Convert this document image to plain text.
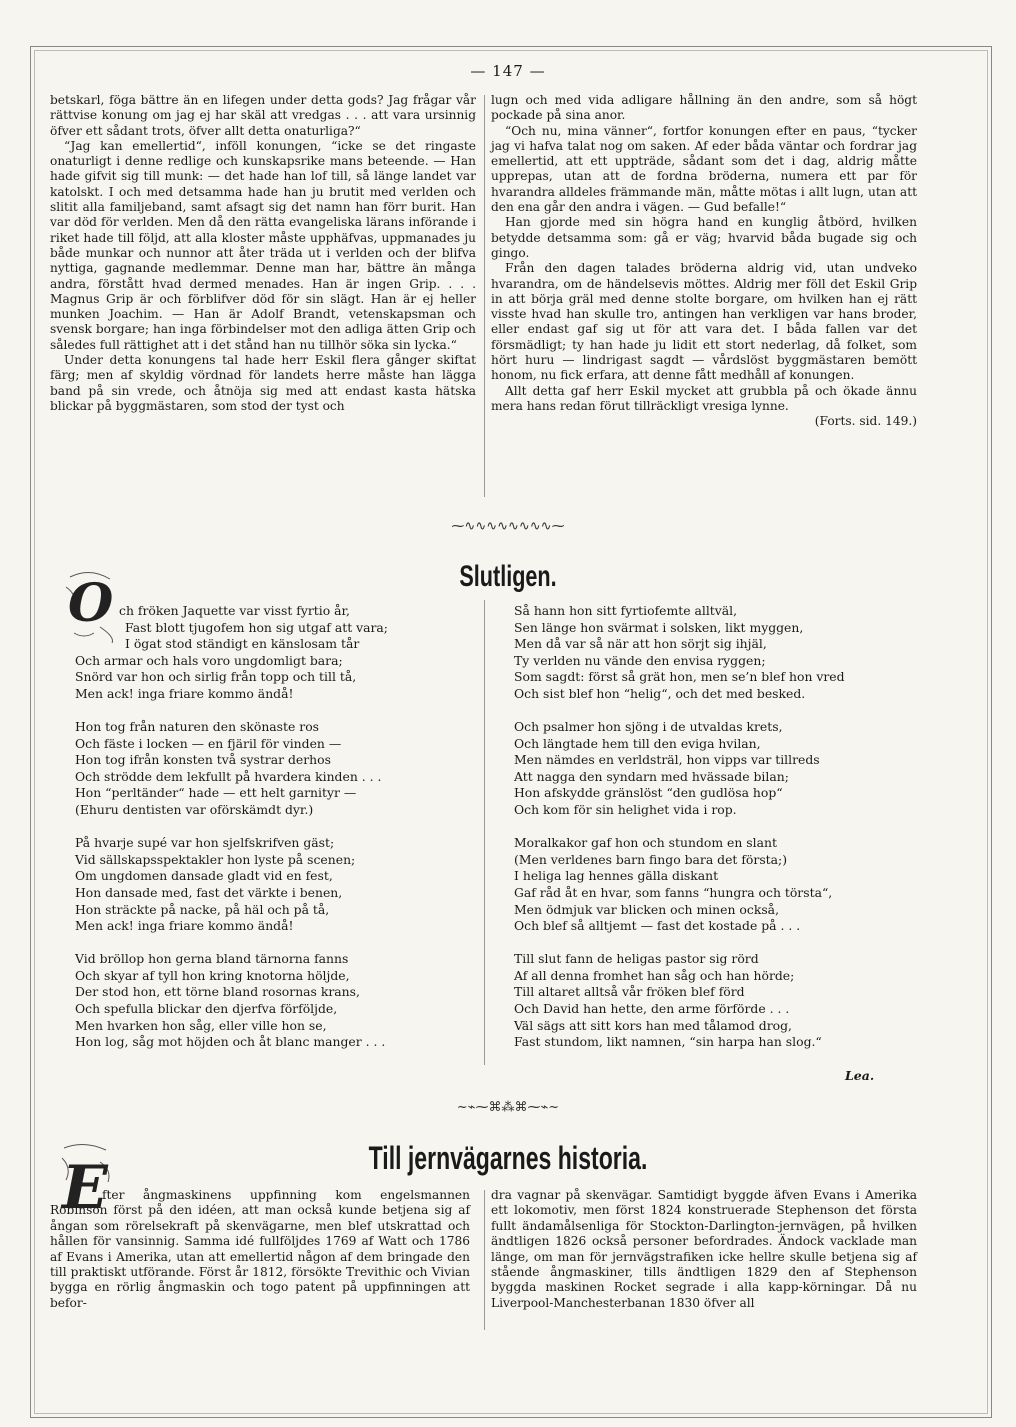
— 147 —

betskarl, föga bättre än en lifegen under detta gods? Jag frågar vår rättvise konung om jag ej har skäl att vredgas . . . att vara ursinnig öfver ett sådant trots, öfver allt detta onaturliga?“

“Jag kan emellertid“, inföll konungen, “icke se det ringaste onaturligt i denne redlige och kunskapsrike mans beteende. — Han hade gifvit sig till munk: — det hade han lof till, så länge landet var katolskt. I och med detsamma hade han ju brutit med verlden och slitit alla familjeband, samt afsagt sig det namn han förr burit. Han var död för verlden. Men då den rätta evangeliska lärans införande i riket hade till följd, att alla kloster måste upphäfvas, uppmanades ju både munkar och nunnor att åter träda ut i verlden och der blifva nyttiga, gagnande medlemmar. Denne man har, bättre än många andra, förstått hvad dermed menades. Han är ingen Grip. . . . Magnus Grip är och förblifver död för sin slägt. Han är ej heller munken Joachim. — Han är Adolf Brandt, vetenskapsman och svensk borgare; han inga förbindelser mot den adliga ätten Grip och således full rättighet att i det stånd han nu tillhör söka sin lycka.“

Under detta konungens tal hade herr Eskil flera gånger skiftat färg; men af skyldig vördnad för landets herre måste han lägga band på sin vrede, och åtnöja sig med att endast kasta hätska blickar på byggmästaren, som stod der tyst och

lugn och med vida adligare hållning än den andre, som så högt pockade på sina anor.

“Och nu, mina vänner“, fortfor konungen efter en paus, “tycker jag vi hafva talat nog om saken. Af eder båda väntar och fordrar jag emellertid, att ett uppträde, sådant som det i dag, aldrig måtte upprepas, utan att de fordna bröderna, numera ett par för hvarandra alldeles främmande män, måtte mötas i allt lugn, utan att den ena går den andra i vägen. — Gud befalle!“

Han gjorde med sin högra hand en kunglig åtbörd, hvilken betydde detsamma som: gå er väg; hvarvid båda bugade sig och gingo.

Från den dagen talades bröderna aldrig vid, utan undveko hvarandra, om de händelsevis möttes. Aldrig mer föll det Eskil Grip in att börja gräl med denne stolte borgare, om hvilken han ej rätt visste hvad han skulle tro, antingen han verkligen var hans broder, eller endast gaf sig ut för att vara det. I båda fallen var det försmädligt; ty han hade ju lidit ett stort nederlag, då folket, som hört huru — lindrigast sagdt — vårdslöst byggmästaren bemött honom, nu fick erfara, att denne fått medhåll af konungen.

Allt detta gaf herr Eskil mycket att grubbla på och ökade ännu mera hans redan förut tillräckligt vresiga lynne.

(Forts. sid. 149.)

⁓∿∿∿∿∿∿∿∿⁓
Slutligen.
O ch fröken Jaquette var visst fyrtio år,
Fast blott tjugofem hon sig utgaf att vara;
I ögat stod ständigt en känslosam tår
Och armar och hals voro ungdomligt bara;
Snörd var hon och sirlig från topp och till tå,
Men ack! inga friare kommo ändå!
Hon tog från naturen den skönaste ros
Och fäste i locken — en fjäril för vinden —
Hon tog ifrån konsten två systrar derhos
Och strödde dem lekfullt på hvardera kinden . . .
Hon “perltänder“ hade — ett helt garnityr —
(Ehuru dentisten var oförskämdt dyr.)
På hvarje supé var hon sjelfskrifven gäst;
Vid sällskapsspektakler hon lyste på scenen;
Om ungdomen dansade gladt vid en fest,
Hon dansade med, fast det värkte i benen,
Hon sträckte på nacke, på häl och på tå,
Men ack! inga friare kommo ändå!
Vid bröllop hon gerna bland tärnorna fanns
Och skyar af tyll hon kring knotorna höljde,
Der stod hon, ett törne bland rosornas krans,
Och spefulla blickar den djerfva förföljde,
Men hvarken hon såg, eller ville hon se,
Hon log, såg mot höjden och åt blanc manger . . .
Så hann hon sitt fyrtiofemte alltväl,
Sen länge hon svärmat i solsken, likt myggen,
Men då var så när att hon sörjt sig ihjäl,
Ty verlden nu vände den envisa ryggen;
Som sagdt: först så grät hon, men se’n blef hon vred
Och sist blef hon “helig“, och det med besked.
Och psalmer hon sjöng i de utvaldas krets,
Och längtade hem till den eviga hvilan,
Men nämdes en verldsträl, hon vipps var tillreds
Att nagga den syndarn med hvässade bilan;
Hon afskydde gränslöst “den gudlösa hop“
Och kom för sin helighet vida i rop.
Moralkakor gaf hon och stundom en slant
(Men verldenes barn fingo bara det första;)
I heliga lag hennes gälla diskant
Gaf råd åt en hvar, som fanns “hungra och törsta“,
Men ödmjuk var blicken och minen också,
Och blef så alltjemt — fast det kostade på . . .
Till slut fann de heligas pastor sig rörd
Af all denna fromhet han såg och han hörde;
Till altaret alltså vår fröken blef förd
Och David han hette, den arme förförde . . .
Väl sägs att sitt kors han med tålamod drog,
Fast stundom, likt namnen, “sin harpa han slog.“
Lea.
~⌁⁓⌘⁂⌘⁓⌁~
Till jernvägarnes historia.
E

fter ångmaskinens uppfinning kom engelsmannen Robinson först på den idéen, att man också kunde betjena sig af ångan som rörelsekraft på skenvägarne, men blef utskrattad och hållen för vansinnig. Samma idé fullföljdes 1769 af Watt och 1786 af Evans i Amerika, utan att emellertid någon af dem bringade den till praktiskt utförande. Först år 1812, försökte Trevithic och Vivian bygga en rörlig ångmaskin och togo patent på uppfinningen att befor-

dra vagnar på skenvägar. Samtidigt byggde äfven Evans i Amerika ett lokomotiv, men först 1824 konstruerade Stephenson det första fullt ändamålsenliga för Stockton-Darlington-jernvägen, på hvilken ändtligen 1826 också personer befordrades. Ändock vacklade man länge, om man för jernvägstrafiken icke hellre skulle betjena sig af stående ångmaskiner, tills ändtligen 1829 den af Stephenson byggda maskinen Rocket segrade i alla kapp-körningar. Då nu Liverpool-Manchesterbanan 1830 öfver all
